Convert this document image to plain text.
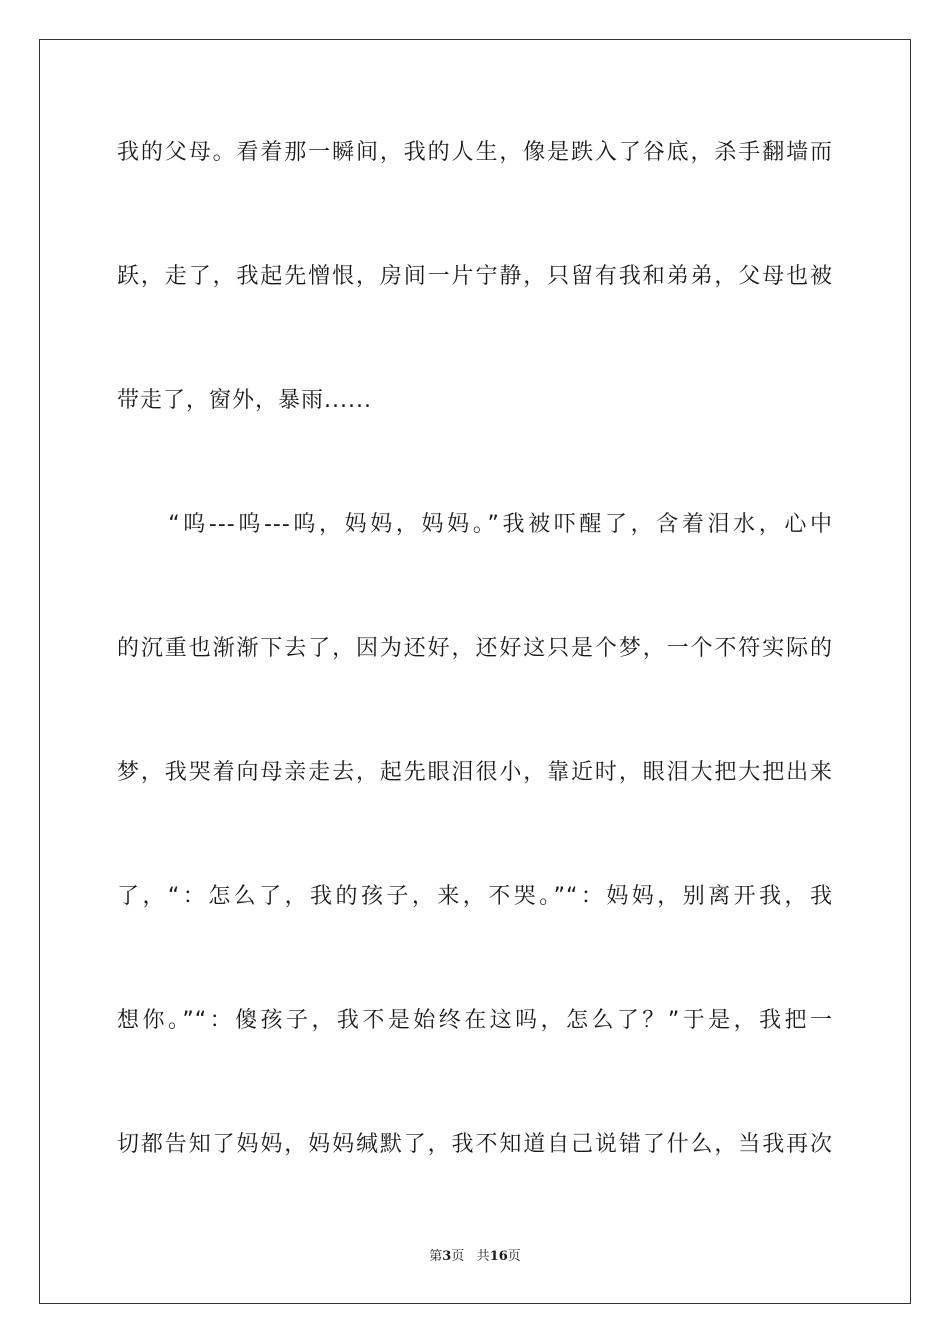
我的父母。看着那一瞬间，我的人生，像是跌入了谷底，杀手翻墙而
跃，走了，我起先憎恨，房间一片宁静，只留有我和弟弟，父母也被
带走了，窗外，暴雨......
　　“呜---呜---呜，妈妈，妈妈。”我被吓醒了，含着泪水，心中
的沉重也渐渐下去了，因为还好，还好这只是个梦，一个不符实际的
梦，我哭着向母亲走去，起先眼泪很小，靠近时，眼泪大把大把出来
了，“：怎么了，我的孩子，来，不哭。”“：妈妈，别离开我，我
想你。”“：傻孩子，我不是始终在这吗，怎么了？”于是，我把一
切都告知了妈妈，妈妈缄默了，我不知道自己说错了什么，当我再次
第3页 共16页
